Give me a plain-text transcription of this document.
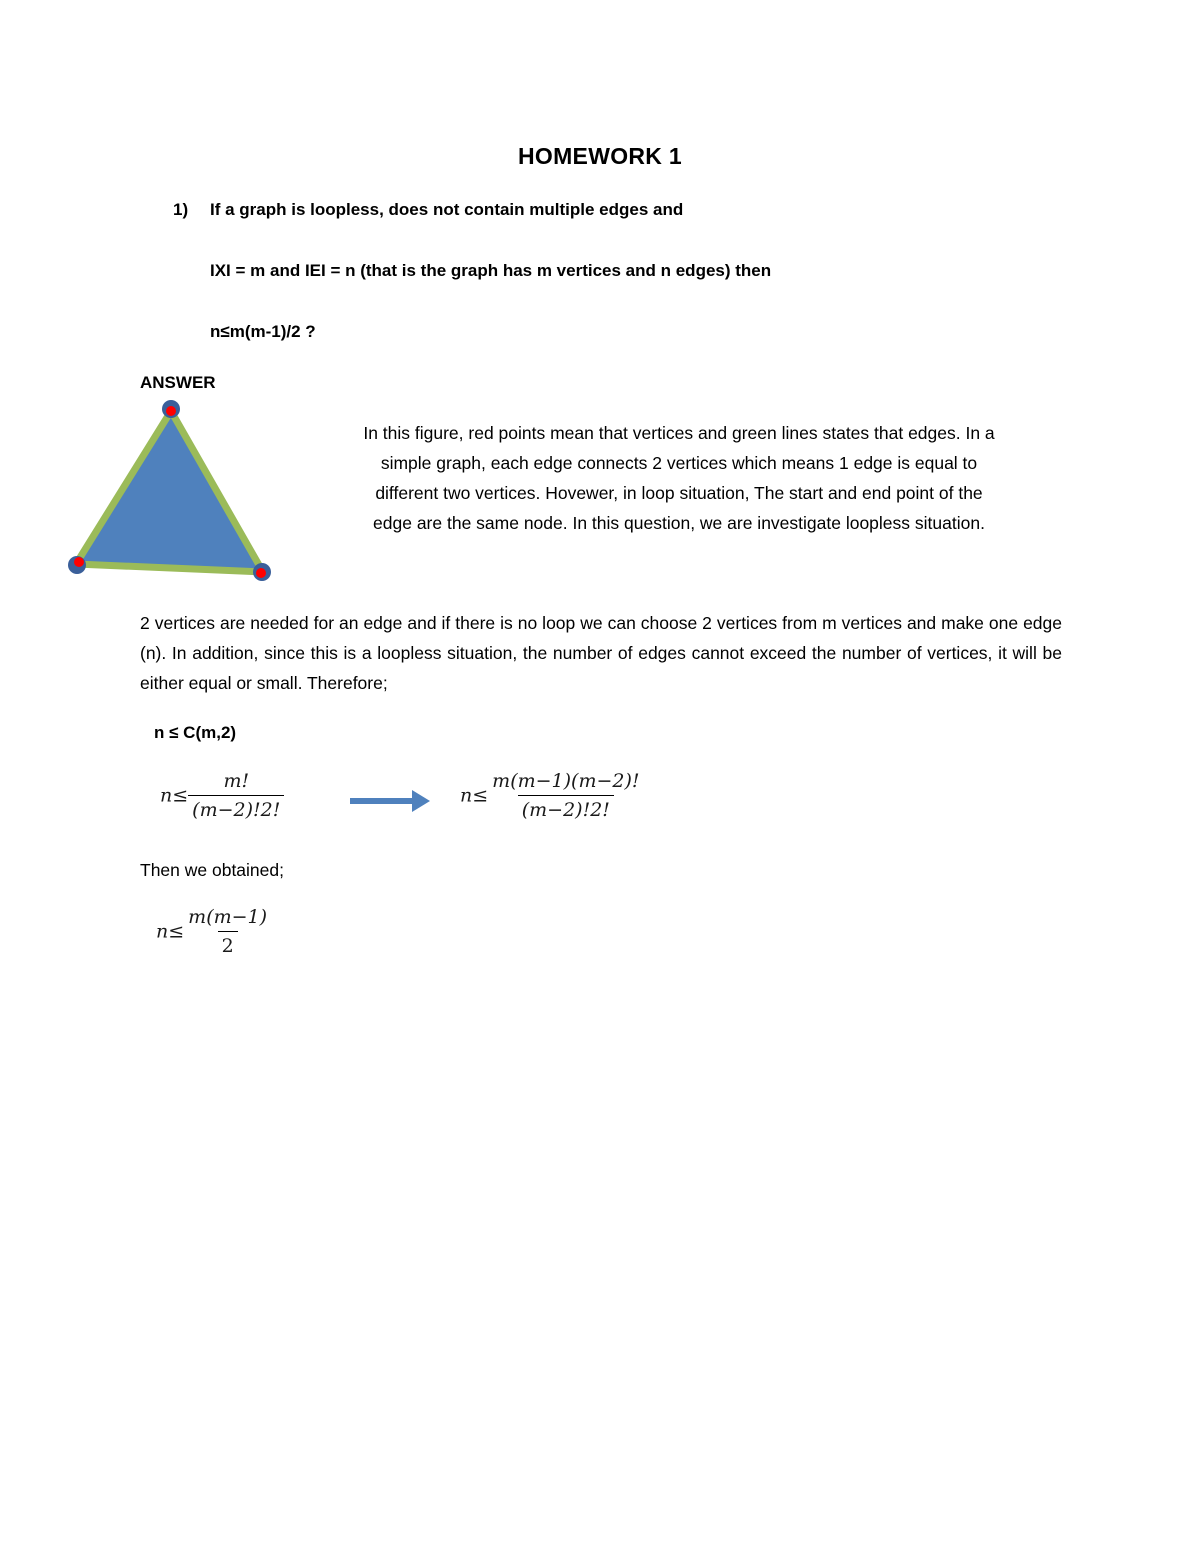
HOMEWORK 1
1) If a graph is loopless, does not contain multiple edges and
IXI = m and IEI = n (that is the graph has m vertices and n edges) then
n≤m(m-1)/2 ?
ANSWER
In this figure, red points mean that vertices and green lines states that edges. In a
simple graph, each edge connects 2 vertices which means 1 edge is equal to
different two vertices. Hovewer, in loop situation, The start and end point of the
edge are the same node. In this question, we are investigate loopless situation.
2 vertices are needed for an edge and if there is no loop we can choose 2 vertices from m vertices and make one edge (n). In addition, since this is a loopless situation, the number of edges cannot exceed the number of vertices, it will be either equal or small. Therefore;
n ≤ C(m,2)
$n\le \frac{m!}{(m-2)!2!}$	$n\le \frac{m(m-1)(m-2)!}{(m-2)!2!}$
Then we obtained;
$n\le \frac{m(m-1)}{2}$
